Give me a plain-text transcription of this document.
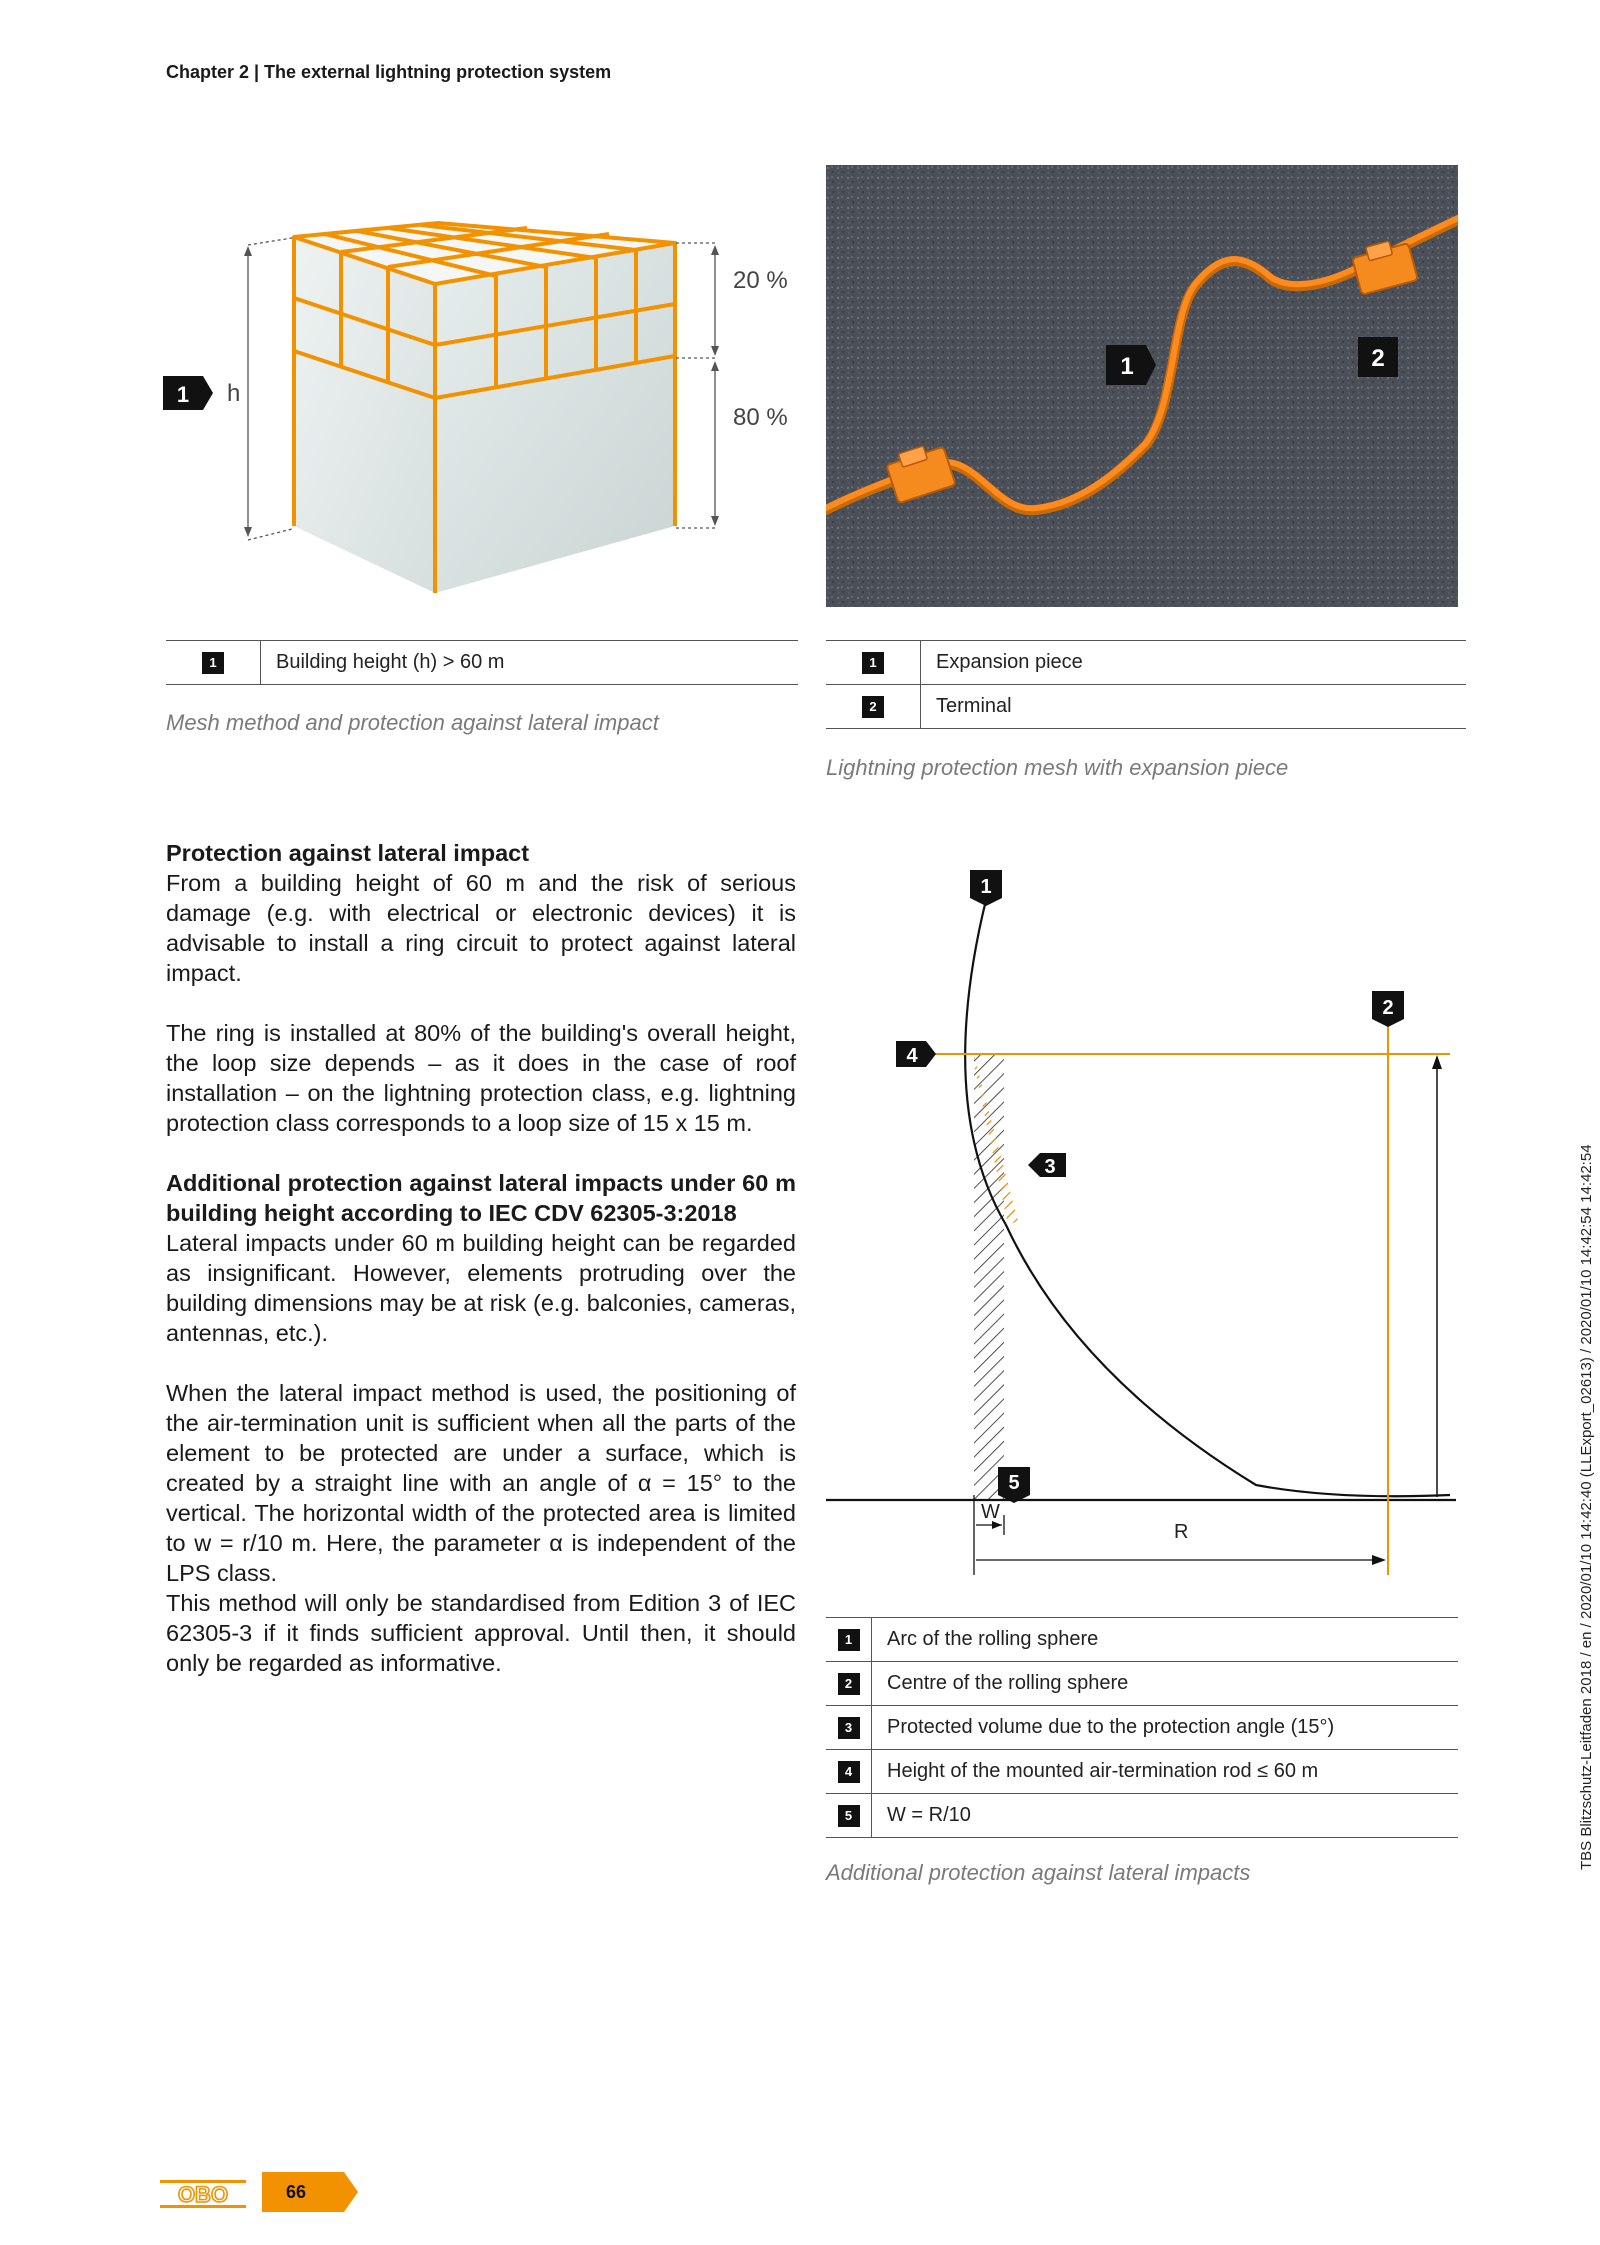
Chapter 2 | The external lightning protection system
20 %
80 %
h
1
1	Building height (h) > 60 m
Mesh method and protection against lateral impact
1	2
1	Expansion piece
2	Terminal
Lightning protection mesh with expansion piece
Protection against lateral impact

From a building height of 60 m and the risk of serious damage (e.g. with electrical or electronic devices) it is advisable to install a ring circuit to protect against lateral impact.

The ring is installed at 80% of the building's overall height, the loop size depends – as it does in the case of roof installation – on the lightning protection class, e.g. lightning protection class corresponds to a loop size of 15 x 15 m.

Additional protection against lateral impacts under 60 m building height according to IEC CDV 62305-3:2018

Lateral impacts under 60 m building height can be regarded as insignificant. However, elements protruding over the building dimensions may be at risk (e.g. balconies, cameras, antennas, etc.).

When the lateral impact method is used, the positioning of the air-termination unit is sufficient when all the parts of the element to be protected are under a surface, which is created by a straight line with an angle of α = 15° to the vertical. The horizontal width of the protected area is limited to w = r/10 m. Here, the parameter α is independent of the LPS class.

This method will only be standardised from Edition 3 of IEC 62305-3 if it finds sufficient approval. Until then, it should only be regarded as informative.

W
R
1
2
3
4
5
1	Arc of the rolling sphere
2	Centre of the rolling sphere
3	Protected volume due to the protection angle (15°)
4	Height of the mounted air-termination rod ≤ 60 m
5	W = R/10
Additional protection against lateral impacts
TBS Blitzschutz-Leitfaden 2018 / en / 2020/01/10 14:42:40 (LLExport_02613) / 2020/01/10 14:42:54 14:42:54
OBO	66
